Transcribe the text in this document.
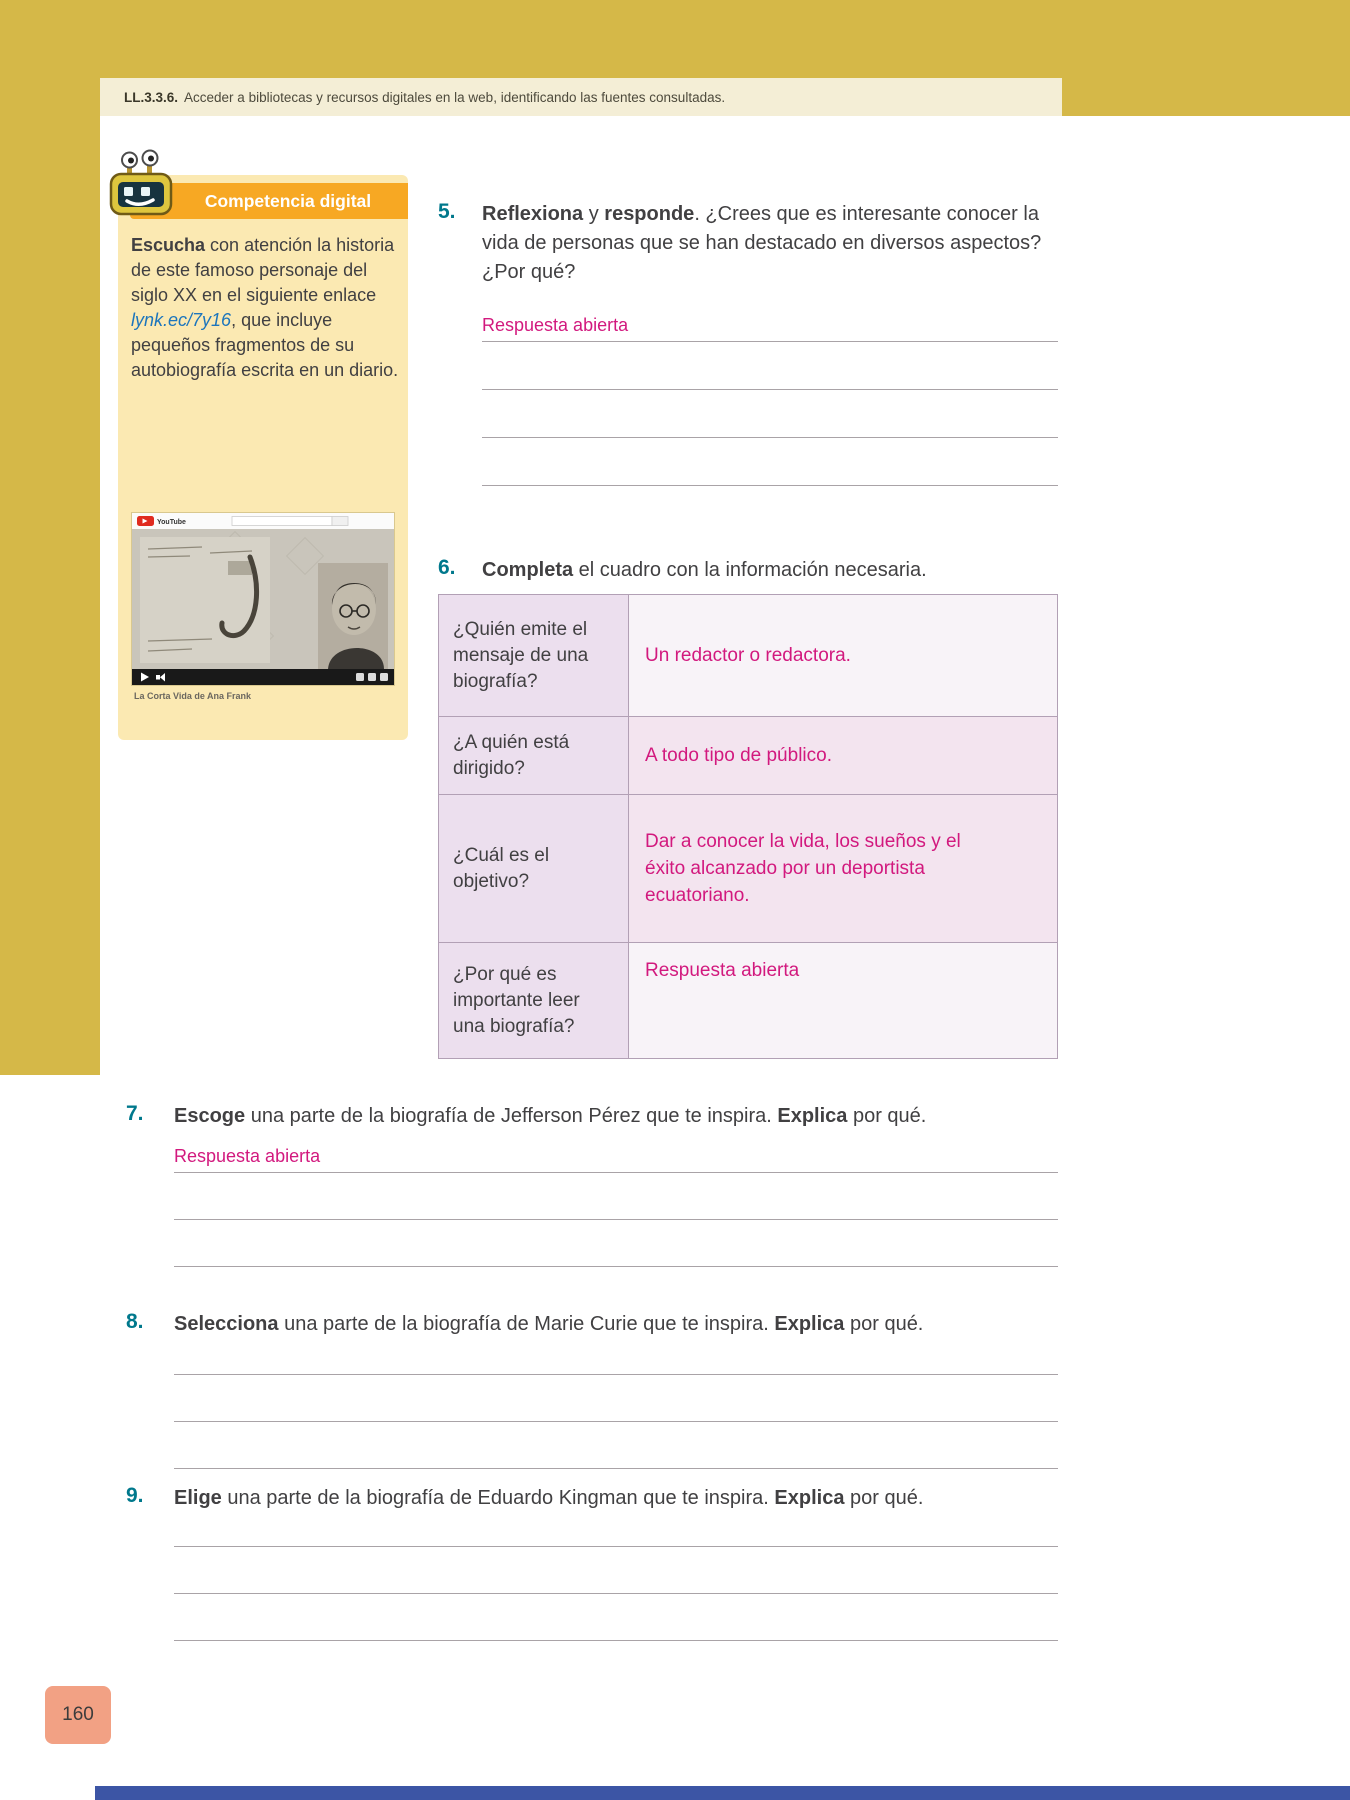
LL.3.3.6. Acceder a bibliotecas y recursos digitales en la web, identificando las fuentes consultadas.
Competencia digital

Escucha con atención la historia de este famoso personaje del siglo XX en el siguiente enlace lynk.ec/7y16, que incluye pequeños fragmentos de su autobiografía escrita en un diario.

YouTube
La Corta Vida de Ana Frank
5. Reflexiona y responde. ¿Crees que es interesante conocer la vida de personas que se han destacado en diversos aspectos? ¿Por qué?
Respuesta abierta
6. Completa el cuadro con la información necesaria.
¿Quién emite el mensaje de una biografía?	Un redactor o redactora.
¿A quién está dirigido?	A todo tipo de público.
¿Cuál es el objetivo?	Dar a conocer la vida, los sueños y el éxito alcanzado por un deportista ecuatoriano.
¿Por qué es importante leer una biografía?	Respuesta abierta
7. Escoge una parte de la biografía de Jefferson Pérez que te inspira. Explica por qué.
Respuesta abierta
8. Selecciona una parte de la biografía de Marie Curie que te inspira. Explica por qué.
9. Elige una parte de la biografía de Eduardo Kingman que te inspira. Explica por qué.
160
